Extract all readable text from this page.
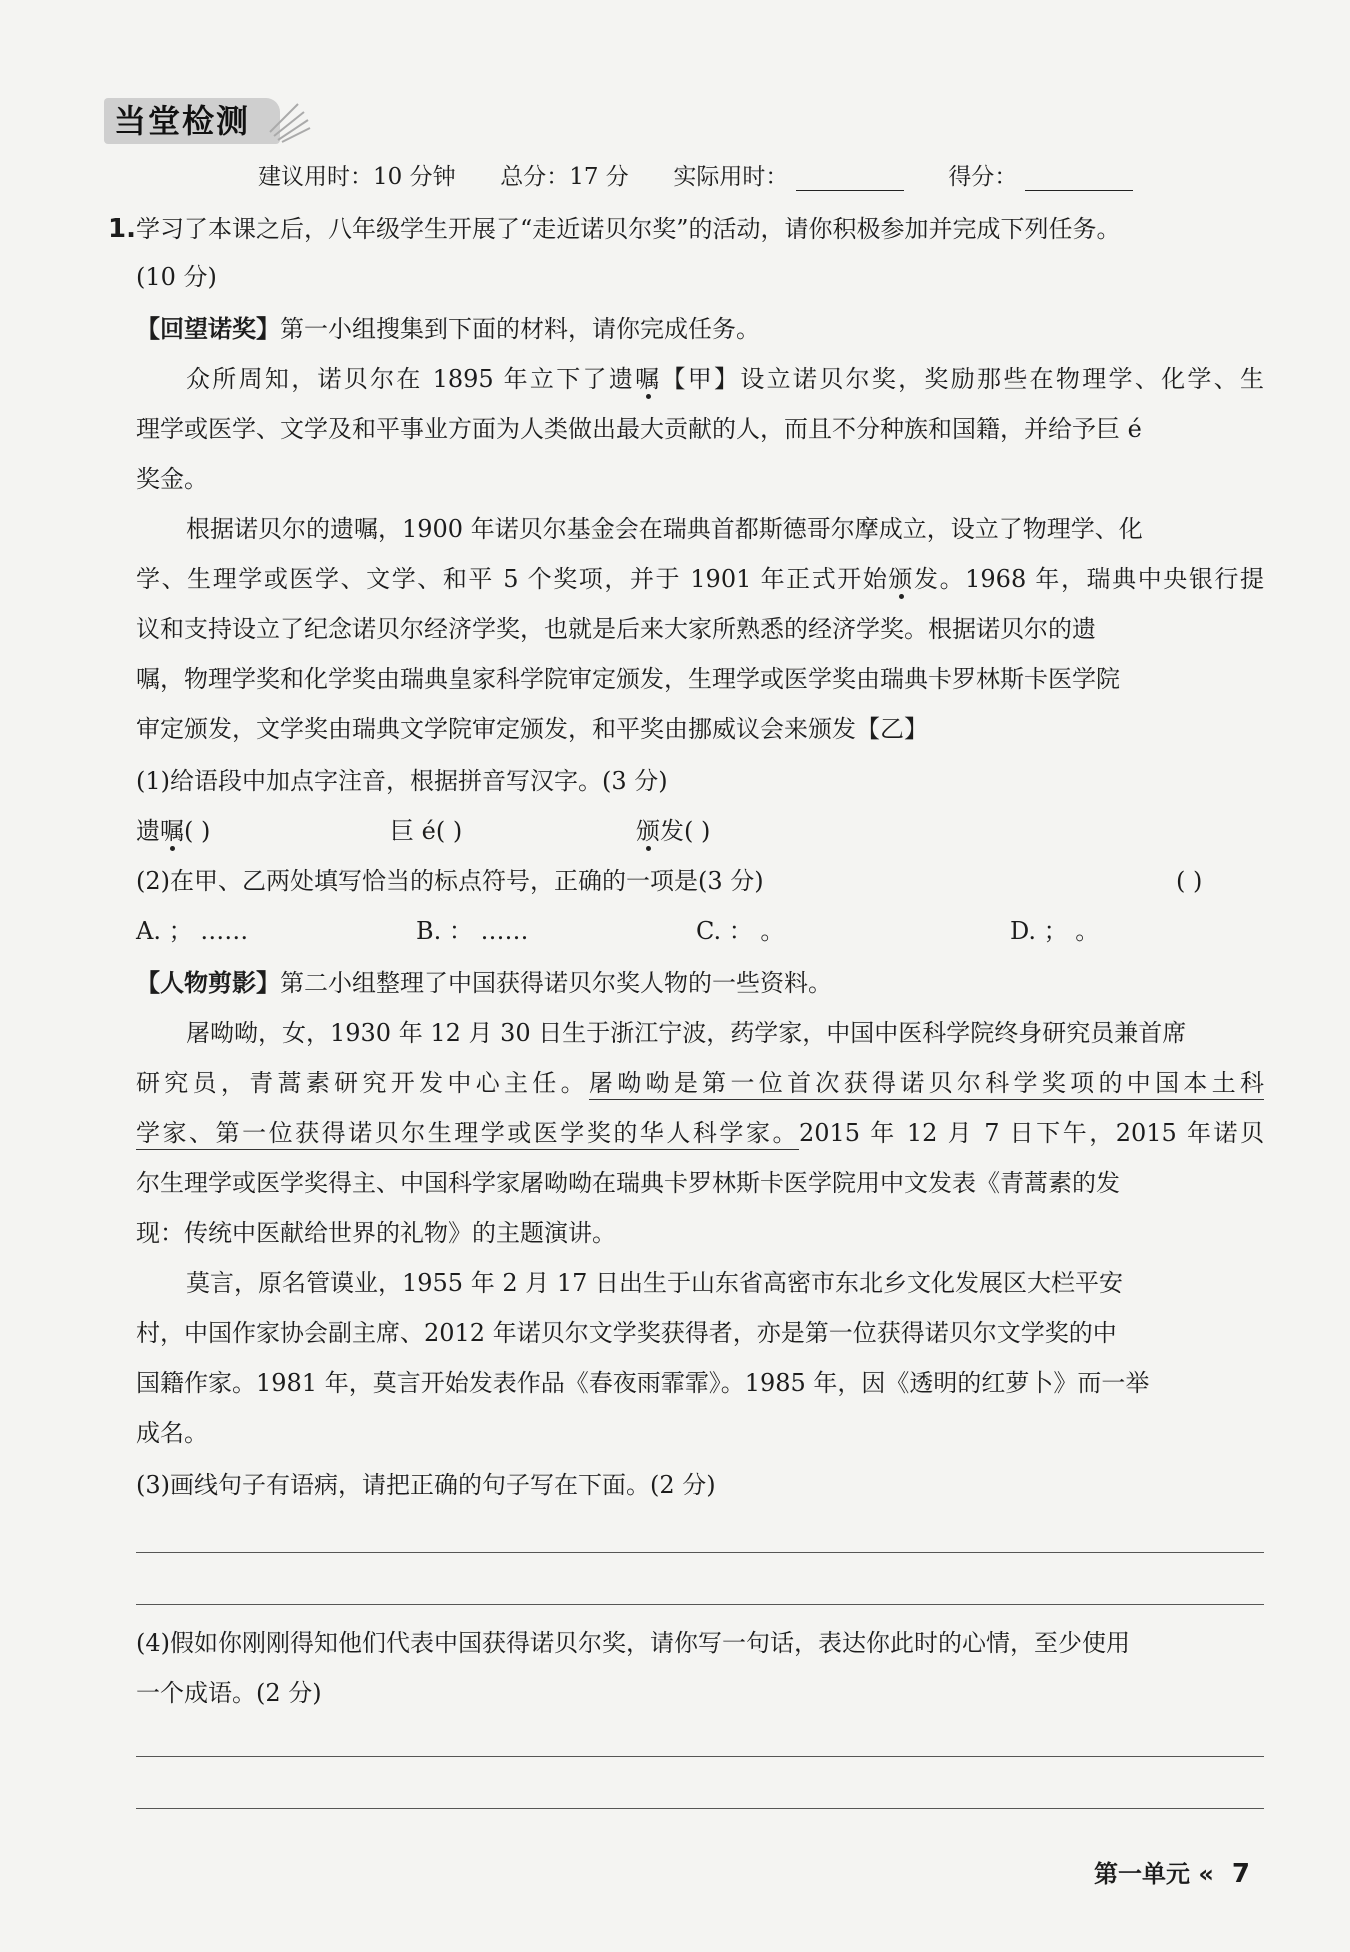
当堂检测
建议用时：10 分钟 总分：17 分 实际用时：	得分：
1. 学习了本课之后，八年级学生开展了“走近诺贝尔奖”的活动，请你积极参加并完成下列任务。
(10 分)
【回望诺奖】第一小组搜集到下面的材料，请你完成任务。
众所周知，诺贝尔在 1895 年立下了遗嘱【甲】设立诺贝尔奖，奖励那些在物理学、化学、生
理学或医学、文学及和平事业方面为人类做出最大贡献的人，而且不分种族和国籍，并给予巨 é
奖金。
根据诺贝尔的遗嘱，1900 年诺贝尔基金会在瑞典首都斯德哥尔摩成立，设立了物理学、化
学、生理学或医学、文学、和平 5 个奖项，并于 1901 年正式开始颁发。1968 年，瑞典中央银行提
议和支持设立了纪念诺贝尔经济学奖，也就是后来大家所熟悉的经济学奖。根据诺贝尔的遗
嘱，物理学奖和化学奖由瑞典皇家科学院审定颁发，生理学或医学奖由瑞典卡罗林斯卡医学院
审定颁发，文学奖由瑞典文学院审定颁发，和平奖由挪威议会来颁发【乙】
(1)给语段中加点字注音，根据拼音写汉字。(3 分)
遗嘱( )	巨 é( )	颁发( )
(2)在甲、乙两处填写恰当的标点符号，正确的一项是(3 分)	( )
A. ； ……	B. ： ……	C. ： 。	D. ； 。
【人物剪影】第二小组整理了中国获得诺贝尔奖人物的一些资料。
屠呦呦，女，1930 年 12 月 30 日生于浙江宁波，药学家，中国中医科学院终身研究员兼首席
研究员，青蒿素研究开发中心主任。屠呦呦是第一位首次获得诺贝尔科学奖项的中国本土科
学家、第一位获得诺贝尔生理学或医学奖的华人科学家。2015 年 12 月 7 日下午，2015 年诺贝
尔生理学或医学奖得主、中国科学家屠呦呦在瑞典卡罗林斯卡医学院用中文发表《青蒿素的发
现：传统中医献给世界的礼物》的主题演讲。
莫言，原名管谟业，1955 年 2 月 17 日出生于山东省高密市东北乡文化发展区大栏平安
村，中国作家协会副主席、2012 年诺贝尔文学奖获得者，亦是第一位获得诺贝尔文学奖的中
国籍作家。1981 年，莫言开始发表作品《春夜雨霏霏》。1985 年，因《透明的红萝卜》而一举
成名。
(3)画线句子有语病，请把正确的句子写在下面。(2 分)
(4)假如你刚刚得知他们代表中国获得诺贝尔奖，请你写一句话，表达你此时的心情，至少使用
一个成语。(2 分)
第一单元 « 7
